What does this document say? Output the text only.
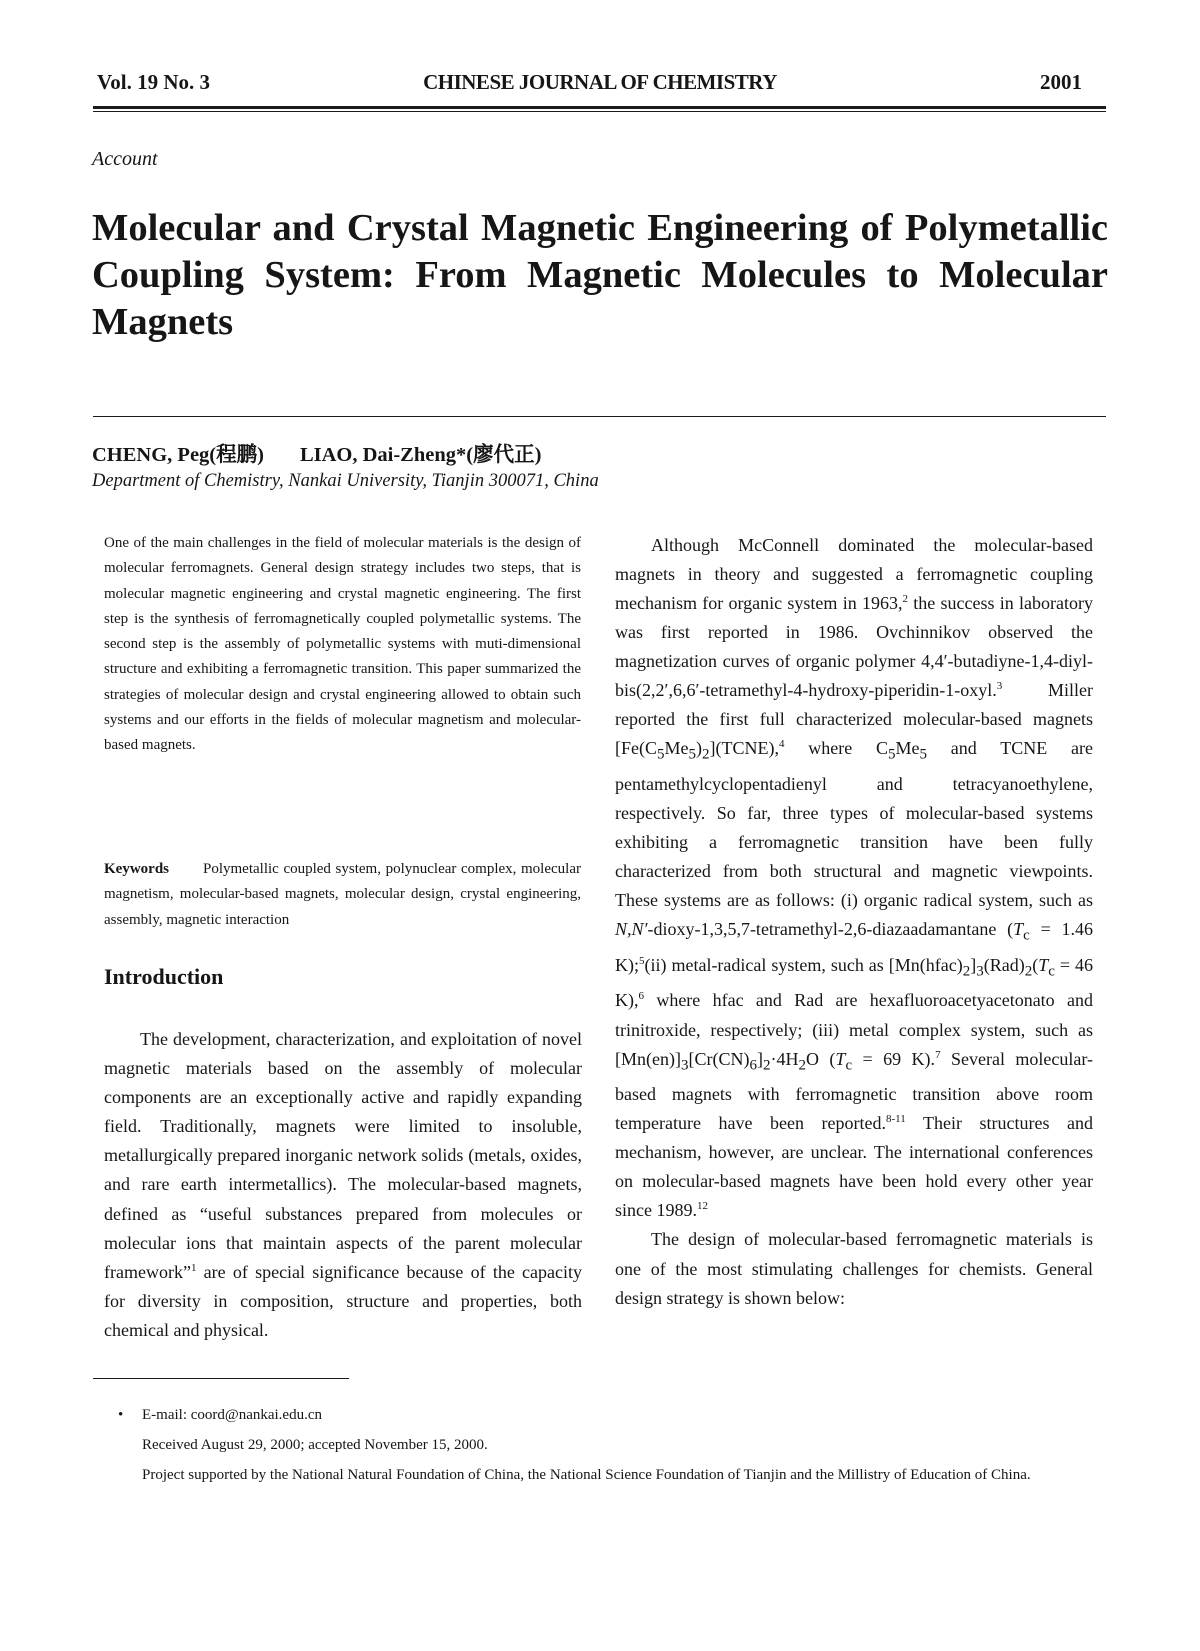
Vol. 19 No. 3	CHINESE JOURNAL OF CHEMISTRY	2001
Account
Molecular and Crystal Magnetic Engineering of Polymetallic Coupling System: From Magnetic Molecules to Molecular Magnets
CHENG, Peg(程鹏) LIAO, Dai-Zheng*(廖代正)
Department of Chemistry, Nankai University, Tianjin 300071, China

One of the main challenges in the field of molecular materials is the design of molecular ferromagnets. General design strategy includes two steps, that is molecular magnetic engineering and crystal magnetic engineering. The first step is the synthesis of ferromagnetically coupled polymetallic systems. The second step is the assembly of polymetallic systems with muti-dimensional structure and exhibiting a ferromagnetic transition. This paper summarized the strategies of molecular design and crystal engineering allowed to obtain such systems and our efforts in the fields of molecular magnetism and molecular-based magnets.

Keywords Polymetallic coupled system, polynuclear complex, molecular magnetism, molecular-based magnets, molecular design, crystal engineering, assembly, magnetic interaction

Introduction

The development, characterization, and exploitation of novel magnetic materials based on the assembly of molecular components are an exceptionally active and rapidly expanding field. Traditionally, magnets were limited to insoluble, metallurgically prepared inorganic network solids (metals, oxides, and rare earth intermetallics). The molecular-based magnets, defined as “useful substances prepared from molecules or molecular ions that maintain aspects of the parent molecular framework”$^1$ are of special significance because of the capacity for diversity in composition, structure and properties, both chemical and physical.

Although McConnell dominated the molecular-based magnets in theory and suggested a ferromagnetic coupling mechanism for organic system in 1963,$^2$ the success in laboratory was first reported in 1986. Ovchinnikov observed the magnetization curves of organic polymer 4,4′-butadiyne-1,4-diyl-bis(2,2′,6,6′-tetramethyl-4-hydroxy-piperidin-1-oxyl.$^3$ Miller reported the first full characterized molecular-based magnets $[Fe(C_5Me_5)_2](TCNE),^4$ where $C_5Me_5$ and TCNE are pentamethylcyclopentadienyl and tetracyanoethylene, respectively. So far, three types of molecular-based systems exhibiting a ferromagnetic transition have been fully characterized from both structural and magnetic viewpoints. These systems are as follows: (i) organic radical system, such as N,N′-dioxy-1,3,5,7-tetramethyl-2,6-diazaadamantane ($T_c = 1.46$ K);$^5$(ii) metal-radical system, such as $[Mn(hfac)_2]_3(Rad)_2(T_c = 46$ K),$^6$ where hfac and Rad are hexafluoroacetyacetonato and trinitroxide, respectively; (iii) metal complex system, such as $[Mn(en)]_3[Cr(CN)_6]_2\cdot 4H_2O$ ($T_c = 69$ K).$^7$ Several molecular-based magnets with ferromagnetic transition above room temperature have been reported.$^{8-11}$ Their structures and mechanism, however, are unclear. The international conferences on molecular-based magnets have been hold every other year since 1989.12

The design of molecular-based ferromagnetic materials is one of the most stimulating challenges for chemists. General design strategy is shown below:

•	E-mail: coord@nankai.edu.cn
Received August 29, 2000; accepted November 15, 2000.
Project supported by the National Natural Foundation of China, the National Science Foundation of Tianjin and the Millistry of Education of China.
